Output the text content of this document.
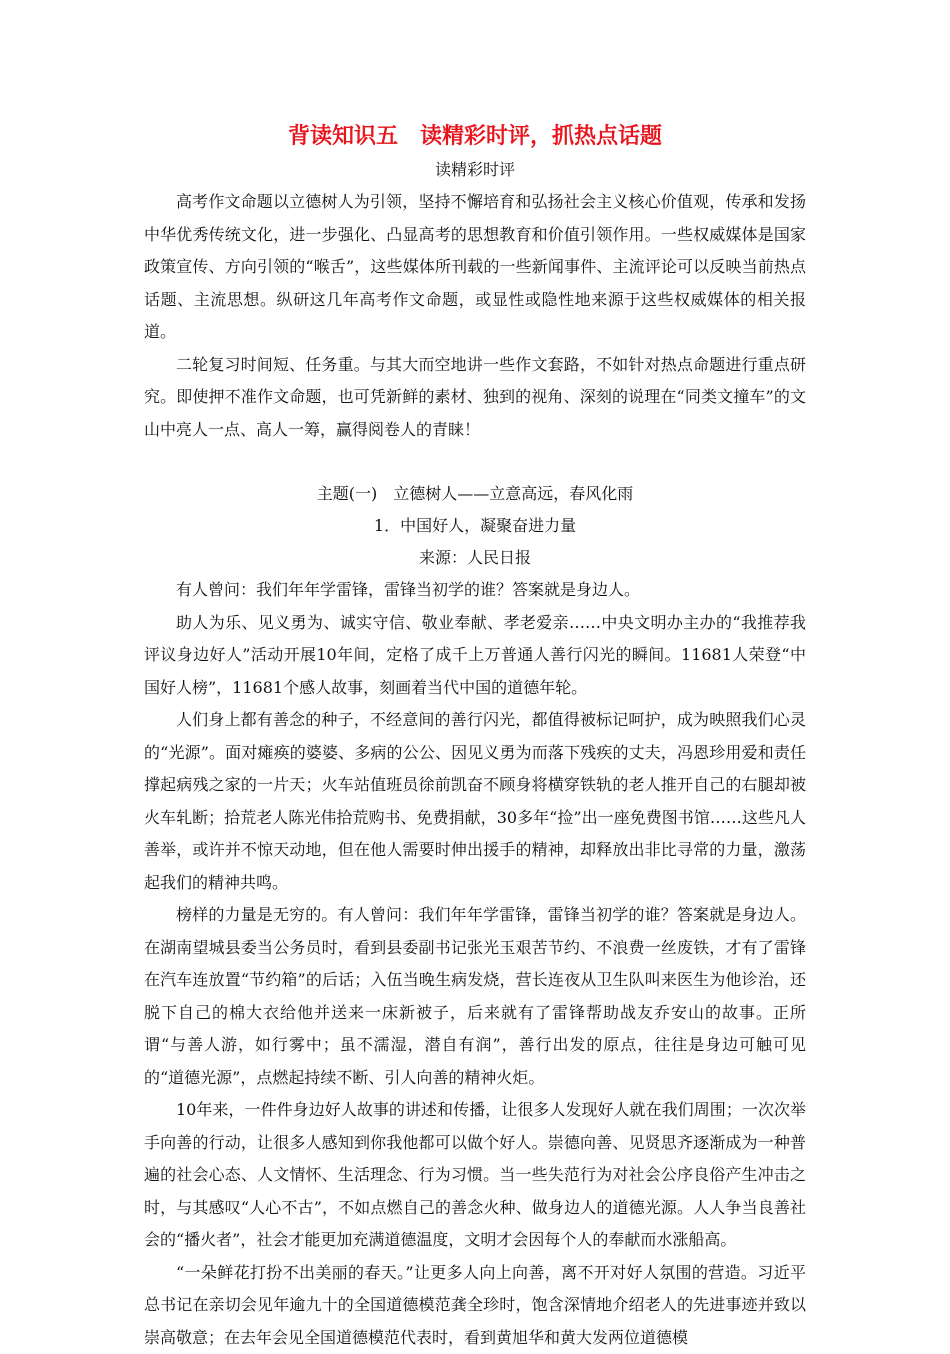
背读知识五　读精彩时评，抓热点话题

读精彩时评

高考作文命题以立德树人为引领，坚持不懈培育和弘扬社会主义核心价值观，传承和发扬中华优秀传统文化，进一步强化、凸显高考的思想教育和价值引领作用。一些权威媒体是国家政策宣传、方向引领的“喉舌”，这些媒体所刊载的一些新闻事件、主流评论可以反映当前热点话题、主流思想。纵研这几年高考作文命题，或显性或隐性地来源于这些权威媒体的相关报道。

二轮复习时间短、任务重。与其大而空地讲一些作文套路，不如针对热点命题进行重点研究。即使押不准作文命题，也可凭新鲜的素材、独到的视角、深刻的说理在“同类文撞车”的文山中亮人一点、高人一筹，赢得阅卷人的青睐！

主题(一)　立德树人——立意高远，春风化雨

1．中国好人，凝聚奋进力量

来源：人民日报

有人曾问：我们年年学雷锋，雷锋当初学的谁？答案就是身边人。

助人为乐、见义勇为、诚实守信、敬业奉献、孝老爱亲……中央文明办主办的“我推荐我评议身边好人”活动开展10年间，定格了成千上万普通人善行闪光的瞬间。11681人荣登“中国好人榜”，11681个感人故事，刻画着当代中国的道德年轮。

人们身上都有善念的种子，不经意间的善行闪光，都值得被标记呵护，成为映照我们心灵的“光源”。面对瘫痪的婆婆、多病的公公、因见义勇为而落下残疾的丈夫，冯恩珍用爱和责任撑起病残之家的一片天；火车站值班员徐前凯奋不顾身将横穿铁轨的老人推开自己的右腿却被火车轧断；拾荒老人陈光伟拾荒购书、免费捐献，30多年“捡”出一座免费图书馆……这些凡人善举，或许并不惊天动地，但在他人需要时伸出援手的精神，却释放出非比寻常的力量，激荡起我们的精神共鸣。

榜样的力量是无穷的。有人曾问：我们年年学雷锋，雷锋当初学的谁？答案就是身边人。在湖南望城县委当公务员时，看到县委副书记张光玉艰苦节约、不浪费一丝废铁，才有了雷锋在汽车连放置“节约箱”的后话；入伍当晚生病发烧，营长连夜从卫生队叫来医生为他诊治，还脱下自己的棉大衣给他并送来一床新被子，后来就有了雷锋帮助战友乔安山的故事。正所谓“与善人游，如行雾中；虽不濡湿，潜自有润”，善行出发的原点，往往是身边可触可见的“道德光源”，点燃起持续不断、引人向善的精神火炬。

10年来，一件件身边好人故事的讲述和传播，让很多人发现好人就在我们周围；一次次举手向善的行动，让很多人感知到你我他都可以做个好人。崇德向善、见贤思齐逐渐成为一种普遍的社会心态、人文情怀、生活理念、行为习惯。当一些失范行为对社会公序良俗产生冲击之时，与其感叹“人心不古”，不如点燃自己的善念火种、做身边人的道德光源。人人争当良善社会的“播火者”，社会才能更加充满道德温度，文明才会因每个人的奉献而水涨船高。

“一朵鲜花打扮不出美丽的春天。”让更多人向上向善，离不开对好人氛围的营造。习近平总书记在亲切会见年逾九十的全国道德模范龚全珍时，饱含深情地介绍老人的先进事迹并致以崇高敬意；在去年会见全国道德模范代表时，看到黄旭华和黄大发两位道德模
